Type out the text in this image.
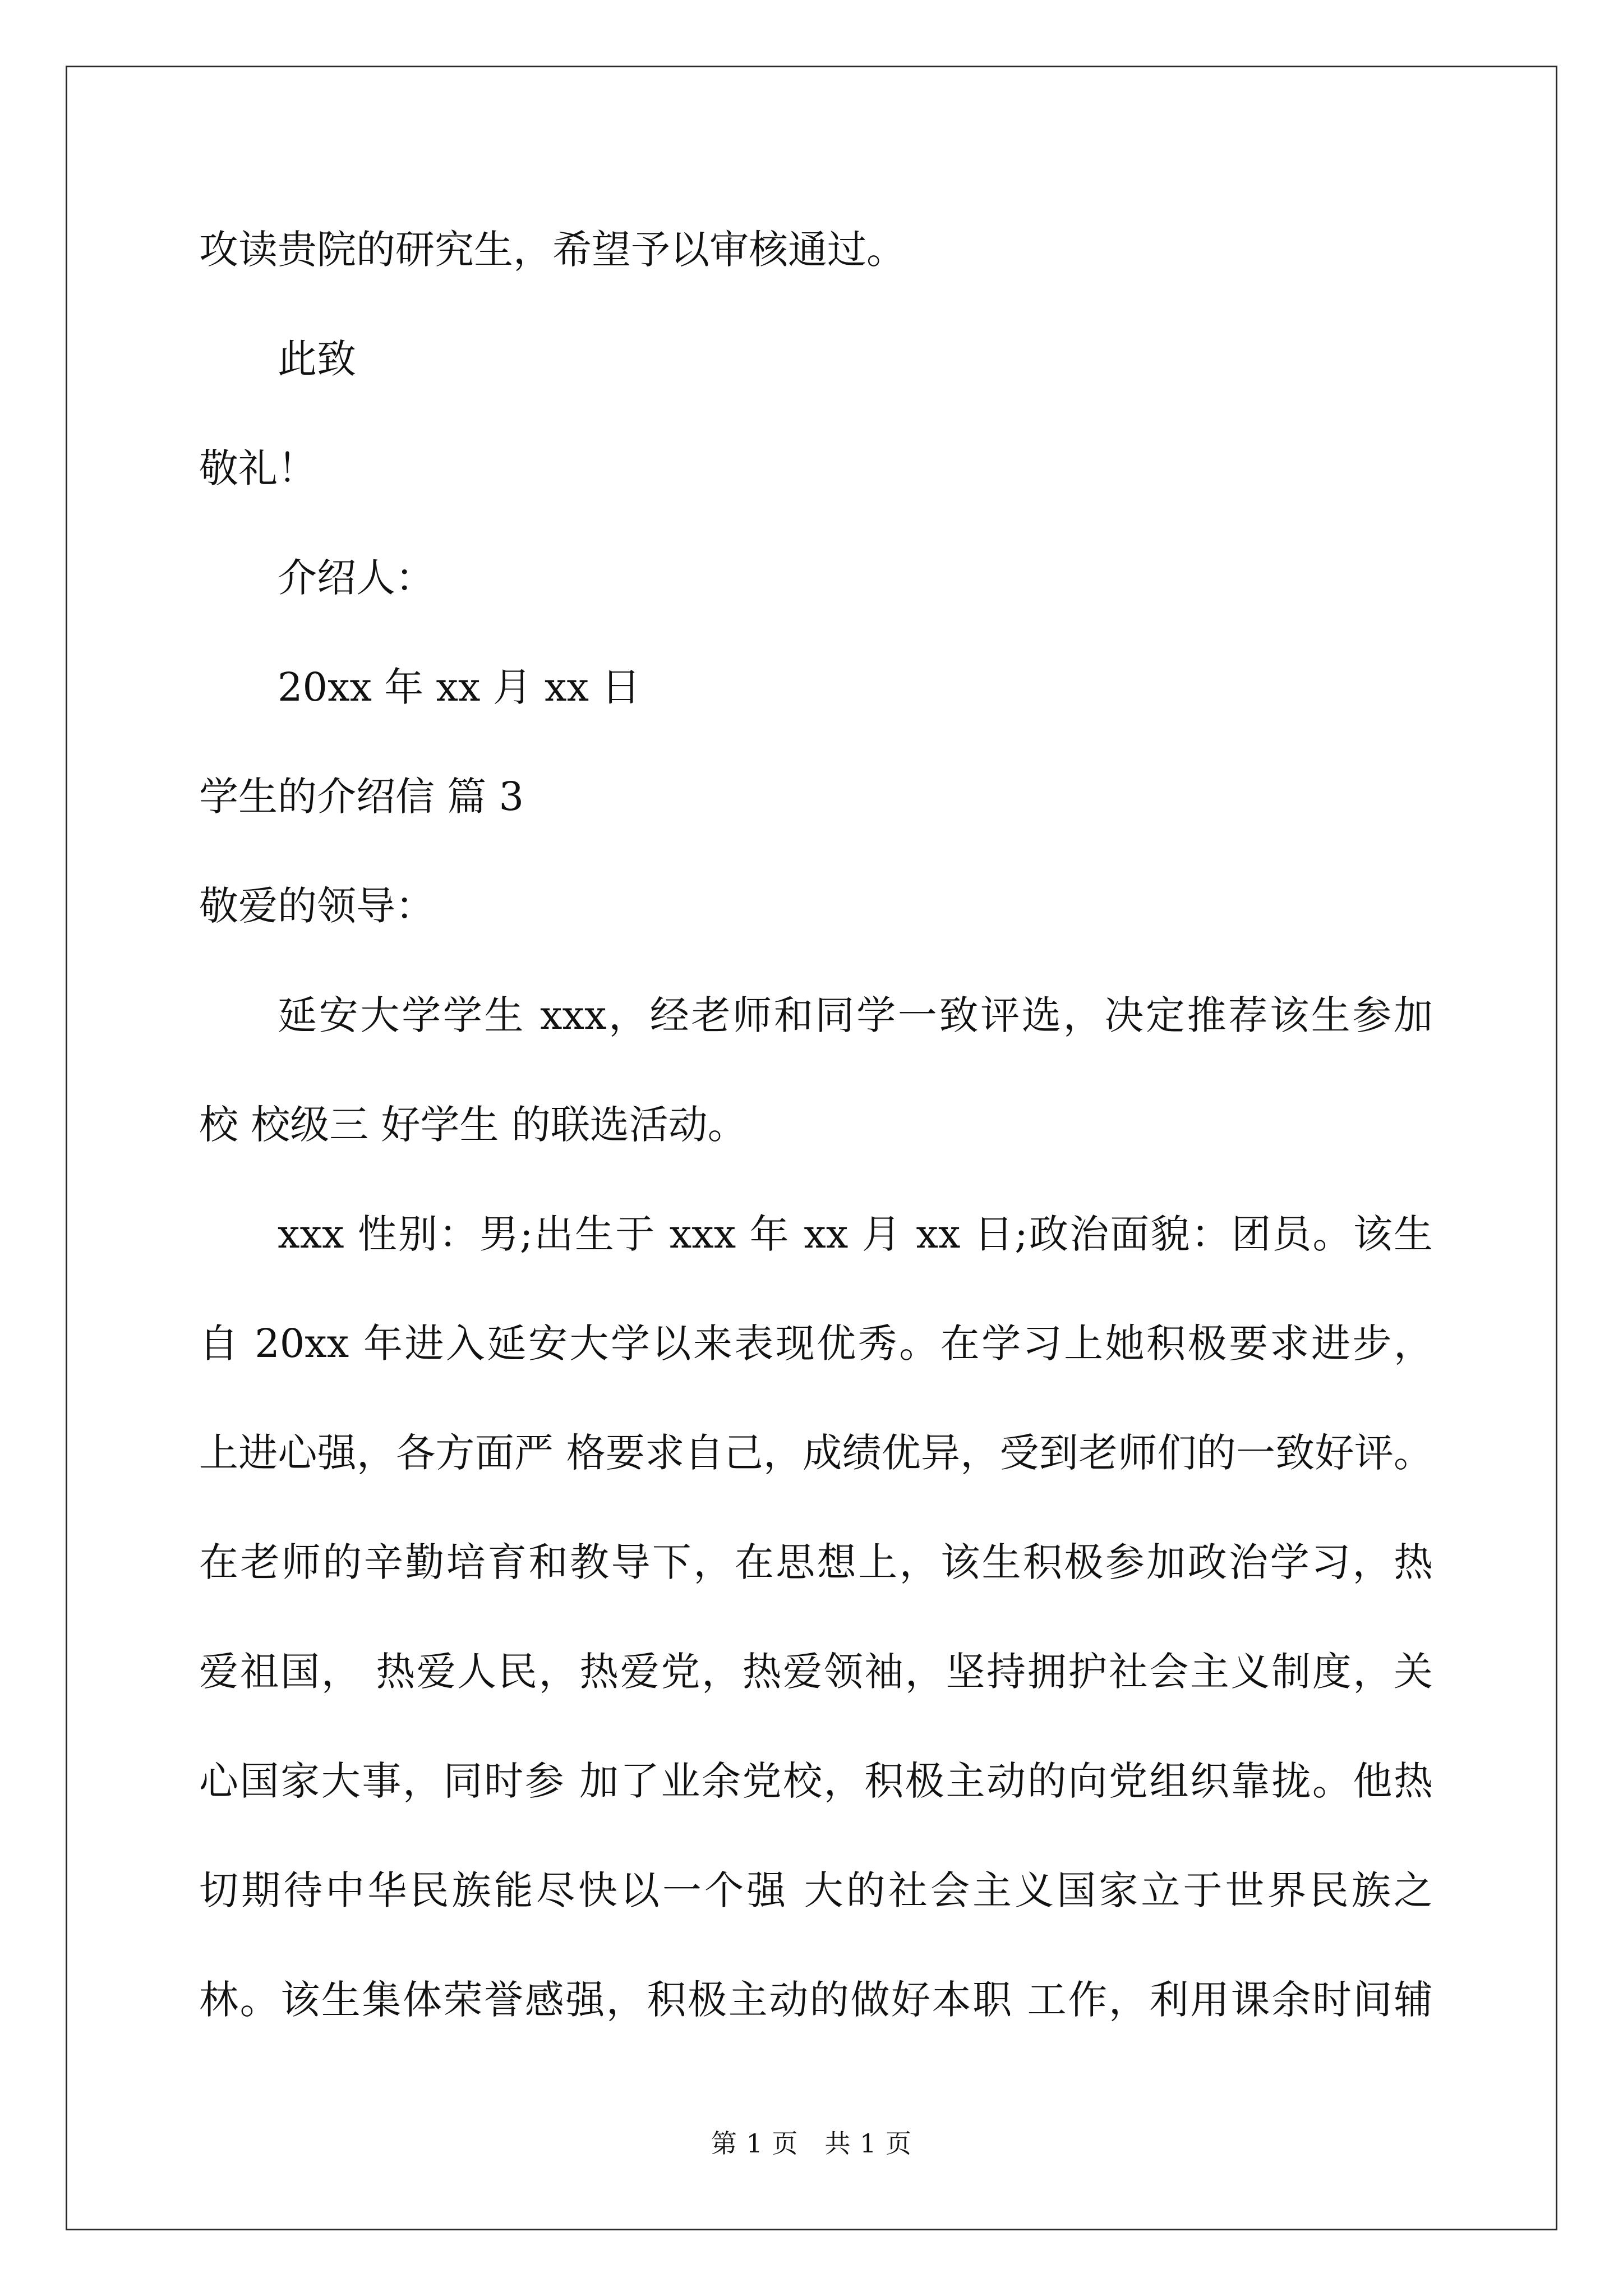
攻读贵院的研究生，希望予以审核通过。
此致
敬礼！
介绍人：
20xx 年 xx 月 xx 日
学生的介绍信 篇 3
敬爱的领导：
延安大学学生 xxx，经老师和同学一致评选，决定推荐该生参加
校 校级三 好学生 的联选活动。
xxx 性别：男;出生于 xxx 年 xx 月 xx 日;政治面貌：团员。该生
自 20xx 年进入延安大学以来表现优秀。在学习上她积极要求进步，
上进心强，各方面严 格要求自己，成绩优异，受到老师们的一致好评。
在老师的辛勤培育和教导下，在思想上，该生积极参加政治学习，热
爱祖国， 热爱人民，热爱党，热爱领袖，坚持拥护社会主义制度，关
心国家大事，同时参 加了业余党校，积极主动的向党组织靠拢。他热
切期待中华民族能尽快以一个强 大的社会主义国家立于世界民族之
林。该生集体荣誉感强，积极主动的做好本职 工作，利用课余时间辅
第 1 页　共 1 页
